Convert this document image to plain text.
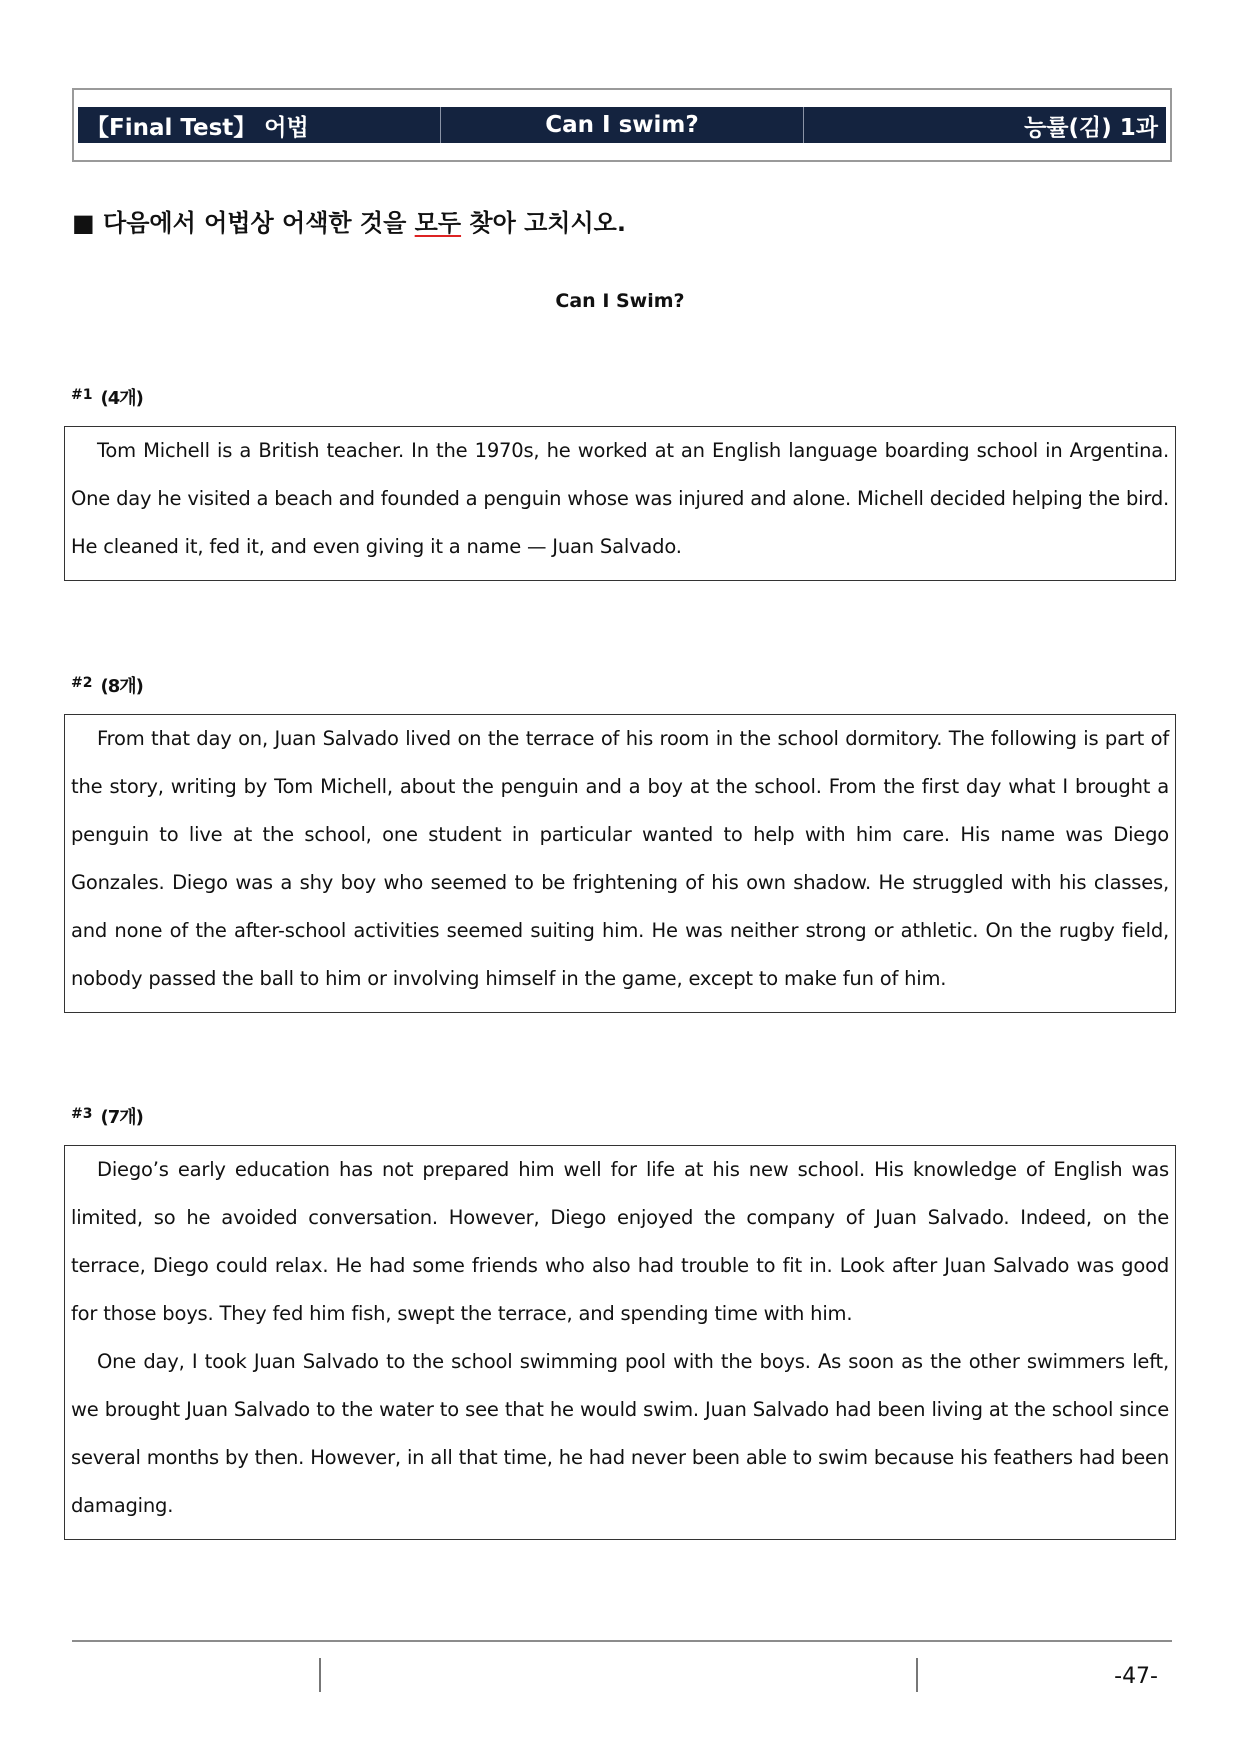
【Final Test】 어법	Can I swim?	능률(김) 1과
■ 다음에서 어법상 어색한 것을 모두 찾아 고치시오.
Can I Swim?
#1 (4개)

Tom Michell is a British teacher. In the 1970s, he worked at an English language boarding school in Argentina. One day he visited a beach and founded a penguin whose was injured and alone. Michell decided helping the bird. He cleaned it, fed it, and even giving it a name — Juan Salvado.

#2 (8개)

From that day on, Juan Salvado lived on the terrace of his room in the school dormitory. The following is part of the story, writing by Tom Michell, about the penguin and a boy at the school. From the first day what I brought a penguin to live at the school, one student in particular wanted to help with him care. His name was Diego Gonzales. Diego was a shy boy who seemed to be frightening of his own shadow. He struggled with his classes, and none of the after-school activities seemed suiting him. He was neither strong or athletic. On the rugby field, nobody passed the ball to him or involving himself in the game, except to make fun of him.

#3 (7개)

Diego’s early education has not prepared him well for life at his new school. His knowledge of English was limited, so he avoided conversation. However, Diego enjoyed the company of Juan Salvado. Indeed, on the terrace, Diego could relax. He had some friends who also had trouble to fit in. Look after Juan Salvado was good for those boys. They fed him fish, swept the terrace, and spending time with him.

One day, I took Juan Salvado to the school swimming pool with the boys. As soon as the other swimmers left, we brought Juan Salvado to the water to see that he would swim. Juan Salvado had been living at the school since several months by then. However, in all that time, he had never been able to swim because his feathers had been damaging.

-47-
